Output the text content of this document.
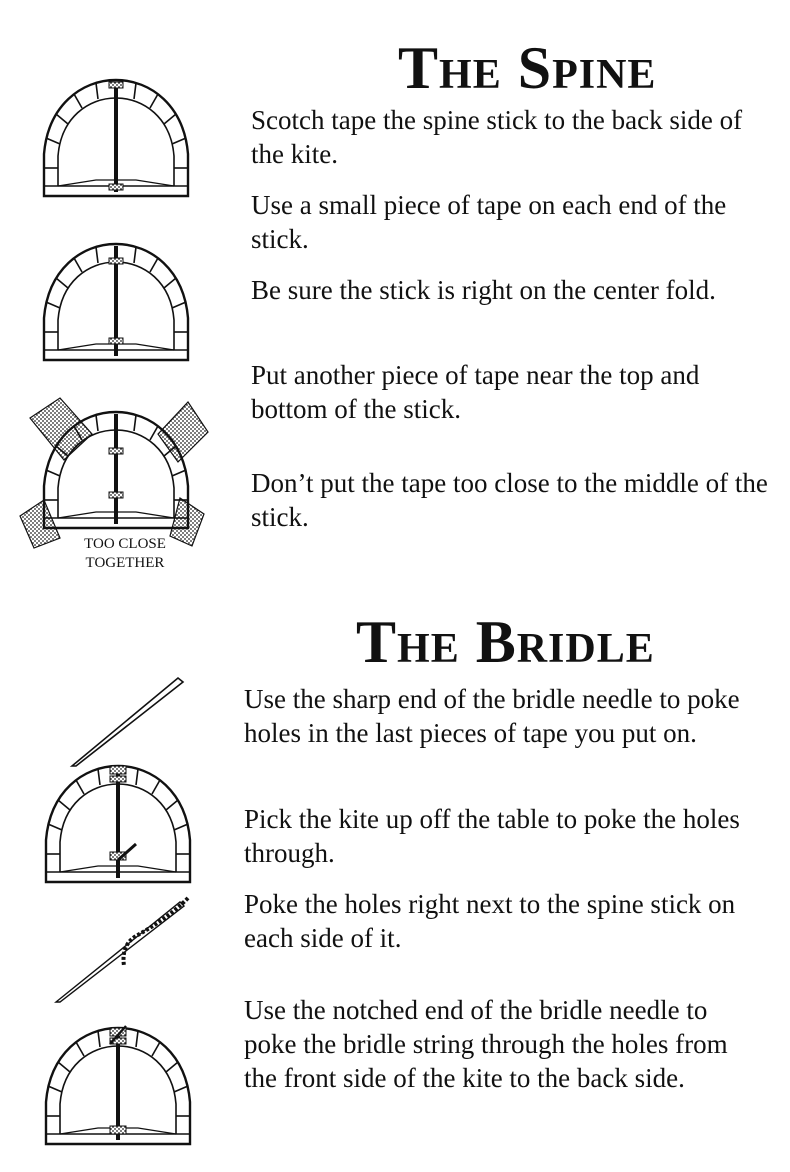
The Spine

Scotch tape the spine stick to the back side of the kite.

Use a small piece of tape on each end of the stick.

Be sure the stick is right on the center fold.

Put another piece of tape near the top and bottom of the stick.

Don’t put the tape too close to the middle of the stick.

TOO CLOSE TOGETHER

The Bridle

Use the sharp end of the bridle needle to poke holes in the last pieces of tape you put on.

Pick the kite up off the table to poke the holes through.

Poke the holes right next to the spine stick on each side of it.

Use the notched end of the bridle needle to poke the bridle string through the holes from the front side of the kite to the back side.
